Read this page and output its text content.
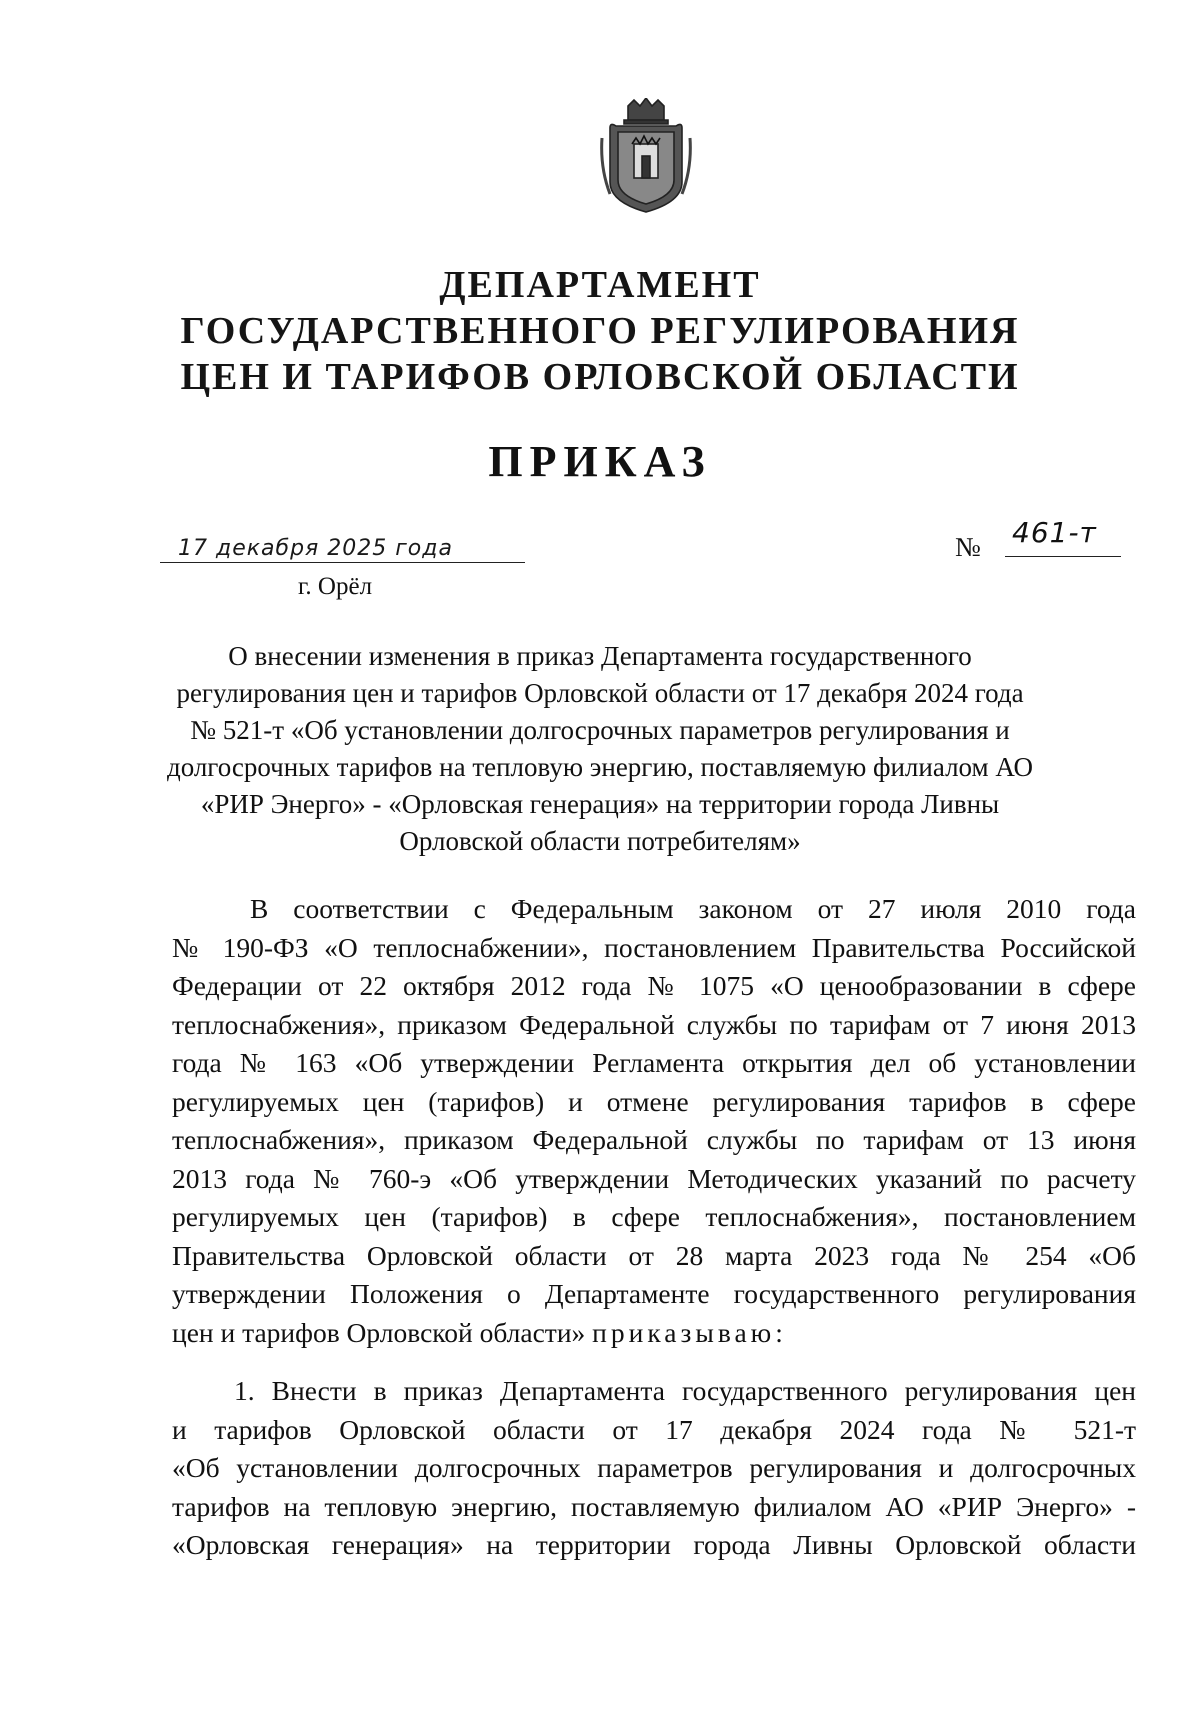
ДЕПАРТАМЕНТ
ГОСУДАРСТВЕННОГО РЕГУЛИРОВАНИЯ
ЦЕН И ТАРИФОВ ОРЛОВСКОЙ ОБЛАСТИ
ПРИКАЗ
17 декабря 2025 года
г. Орёл
№ 461-т
О внесении изменения в приказ Департамента государственного
регулирования цен и тарифов Орловской области от 17 декабря 2024 года
№ 521-т «Об установлении долгосрочных параметров регулирования и
долгосрочных тарифов на тепловую энергию, поставляемую филиалом АО
«РИР Энерго» - «Орловская генерация» на территории города Ливны
Орловской области потребителям»
В соответствии с Федеральным законом от 27 июля 2010 года
№ 190-ФЗ «О теплоснабжении», постановлением Правительства Российской
Федерации от 22 октября 2012 года № 1075 «О ценообразовании в сфере
теплоснабжения», приказом Федеральной службы по тарифам от 7 июня 2013
года № 163 «Об утверждении Регламента открытия дел об установлении
регулируемых цен (тарифов) и отмене регулирования тарифов в сфере
теплоснабжения», приказом Федеральной службы по тарифам от 13 июня
2013 года № 760-э «Об утверждении Методических указаний по расчету
регулируемых цен (тарифов) в сфере теплоснабжения», постановлением
Правительства Орловской области от 28 марта 2023 года № 254 «Об
утверждении Положения о Департаменте государственного регулирования
цен и тарифов Орловской области» приказываю:
1. Внести в приказ Департамента государственного регулирования цен
и тарифов Орловской области от 17 декабря 2024 года № 521-т
«Об установлении долгосрочных параметров регулирования и долгосрочных
тарифов на тепловую энергию, поставляемую филиалом АО «РИР Энерго» -
«Орловская генерация» на территории города Ливны Орловской области
